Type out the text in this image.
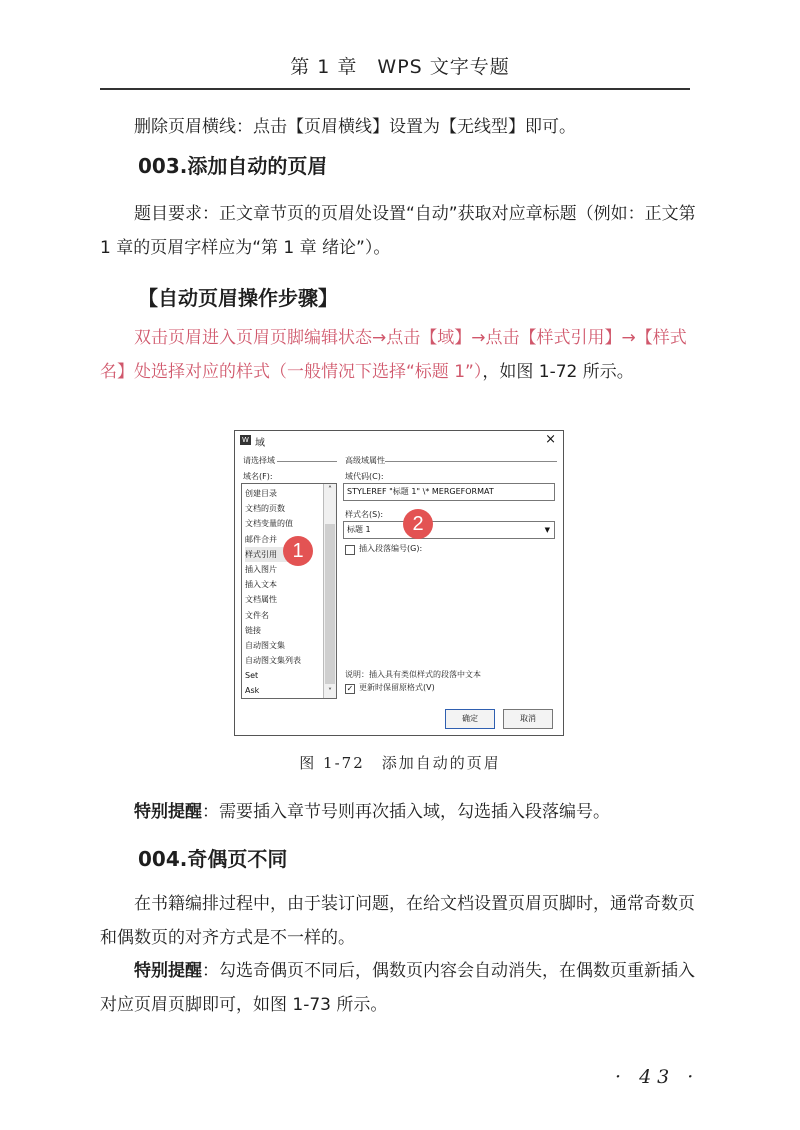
第 1 章　WPS 文字专题

删除页眉横线：点击【页眉横线】设置为【无线型】即可。

003.添加自动的页眉

题目要求：正文章节页的页眉处设置“自动”获取对应章标题（例如：正文第 1 章的页眉字样应为“第 1 章 绪论”）。

【自动页眉操作步骤】

双击页眉进入页眉页脚编辑状态→点击【域】→点击【样式引用】→【样式名】处选择对应的样式（一般情况下选择“标题 1”），如图 1-72 所示。

W 域	×
请选择域
域名(F):
创建目录
文档的页数
文档变量的值
邮件合并
样式引用
插入图片
插入文本
文档属性
文件名
链接
自动图文集
自动图文集列表
Set
Ask
˄
˅
高级域属性
域代码(C):
STYLEREF "标题 1" \* MERGEFORMAT
样式名(S):
标题 1	▼
插入段落编号(G):
说明：插入具有类似样式的段落中文本
✓ 更新时保留原格式(V)
确定	取消
1
2
图 1-72　添加自动的页眉

特别提醒：需要插入章节号则再次插入域，勾选插入段落编号。

004.奇偶页不同

在书籍编排过程中，由于装订问题，在给文档设置页眉页脚时，通常奇数页和偶数页的对齐方式是不一样的。

特别提醒：勾选奇偶页不同后，偶数页内容会自动消失，在偶数页重新插入对应页眉页脚即可，如图 1-73 所示。

· 43 ·
